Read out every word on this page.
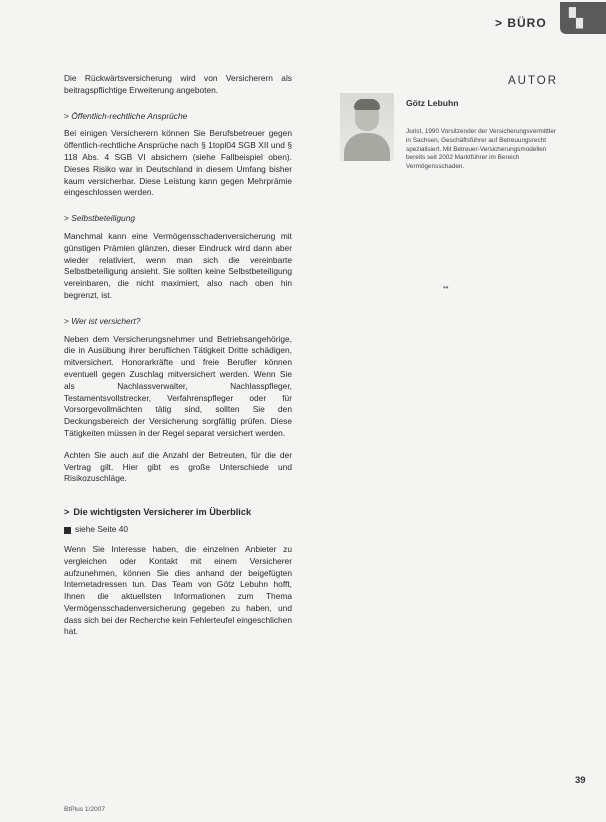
> BÜRO ▚

Die Rückwärtsversicherung wird von Versicherern als beitragspflichtige Erweiterung angeboten.

> Öffentlich-rechtliche Ansprüche

Bei einigen Versicherern können Sie Berufsbetreuer gegen öffentlich-rechtliche Ansprüche nach § 1topl04 SGB XII und § 118 Abs. 4 SGB VI absichern (siehe Fallbeispiel oben). Dieses Risiko war in Deutschland in diesem Umfang bisher kaum versicherbar. Diese Leistung kann gegen Mehrprämie eingeschlossen werden.

> Selbstbeteiligung

Manchmal kann eine Vermögensschadenversicherung mit günstigen Prämien glänzen, dieser Eindruck wird dann aber wieder relativiert, wenn man sich die vereinbarte Selbstbeteiligung ansieht. Sie sollten keine Selbstbeteiligung vereinbaren, die nicht maximiert, also nach oben hin begrenzt, ist.

> Wer ist versichert?

Neben dem Versicherungsnehmer und Betriebsangehörige, die in Ausübung ihrer beruflichen Tätigkeit Dritte schädigen, mitversichert. Honorarkräfte und freie Berufler können eventuell gegen Zuschlag mitversichert werden. Wenn Sie als Nachlassverwalter, Nachlasspfleger, Testamentsvollstrecker, Verfahrenspfleger oder für Vorsorgevollmächten tätig sind, sollten Sie den Deckungsbereich der Versicherung sorgfältig prüfen. Diese Tätigkeiten müssen in der Regel separat versichert werden.

Achten Sie auch auf die Anzahl der Betreuten, für die der Vertrag gilt. Hier gibt es große Unterschiede und Risikozuschläge.

> Die wichtigsten Versicherer im Überblick
siehe Seite 40

Wenn Sie Interesse haben, die einzelnen Anbieter zu vergleichen oder Kontakt mit einem Versicherer aufzunehmen, können Sie dies anhand der beigefügten Internetadressen tun. Das Team von Götz Lebuhn hofft, Ihnen die aktuellsten Informationen zum Thema Vermögensschadenversicherung gegeben zu haben, und dass sich bei der Recherche kein Fehlerteufel eingeschlichen hat.

AUTOR
Götz Lebuhn
Jurist, 1990 Vorsitzender der Versicherungsvermittler in Sachsen, Geschäftsführer auf Betreuungsrecht spezialisiert. Mit Betreuer-Versicherungsmodellen bereits seit 2002 Marktführer im Bereich Vermögensschaden.
••
39
BtPlus 1/2007
